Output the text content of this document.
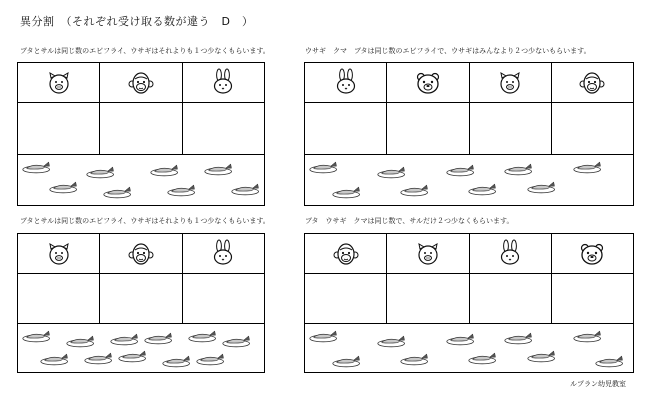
異分割　（それぞれ受け取る数が違う　D　）
ブタとサルは同じ数のエビフライ、ウサギはそれよりも１つ少なくもらいます。	ウサギ　クマ　ブタは同じ数のエビフライで、ウサギはみんなより２つ少ないもらいます。
ブタとサルは同じ数のエビフライ、ウサギはそれよりも１つ少なくもらいます。	ブタ　ウサギ　クマは同じ数で、サルだけ２つ少なくもらいます。
ルプラン幼児教室
